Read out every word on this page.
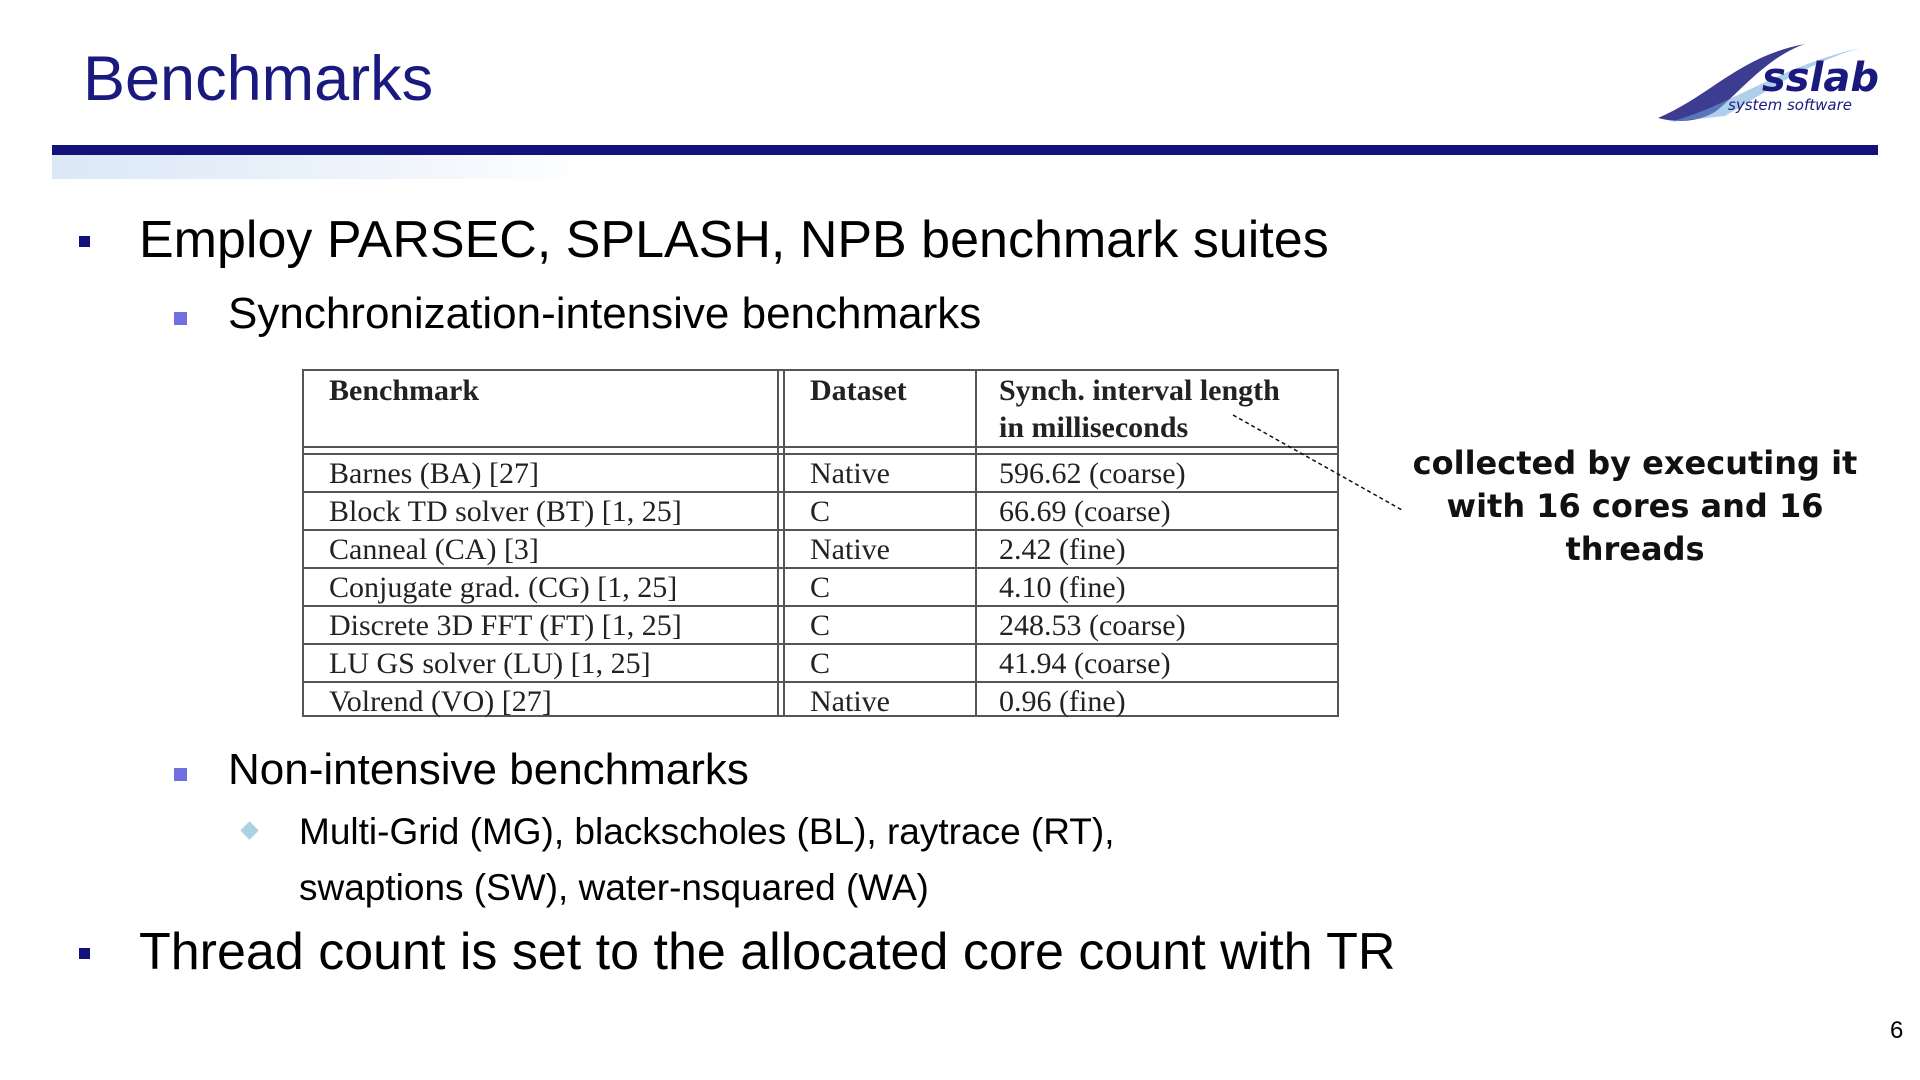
Benchmarks	sslab
system software
Employ PARSEC, SPLASH, NPB benchmark suites
Synchronization-intensive benchmarks
Benchmark	Dataset	Synch. interval length
in milliseconds
Barnes (BA) [27]	Native	596.62 (coarse)
Block TD solver (BT) [1, 25]	C	66.69 (coarse)
Canneal (CA) [3]	Native	2.42 (fine)
Conjugate grad. (CG) [1, 25]	C	4.10 (fine)
Discrete 3D FFT (FT) [1, 25]	C	248.53 (coarse)
LU GS solver (LU) [1, 25]	C	41.94 (coarse)
Volrend (VO) [27]	Native	0.96 (fine)
collected by executing it
with 16 cores and 16
threads
Non-intensive benchmarks
Multi-Grid (MG), blackscholes (BL), raytrace (RT),
swaptions (SW), water-nsquared (WA)
Thread count is set to the allocated core count with TR
6
